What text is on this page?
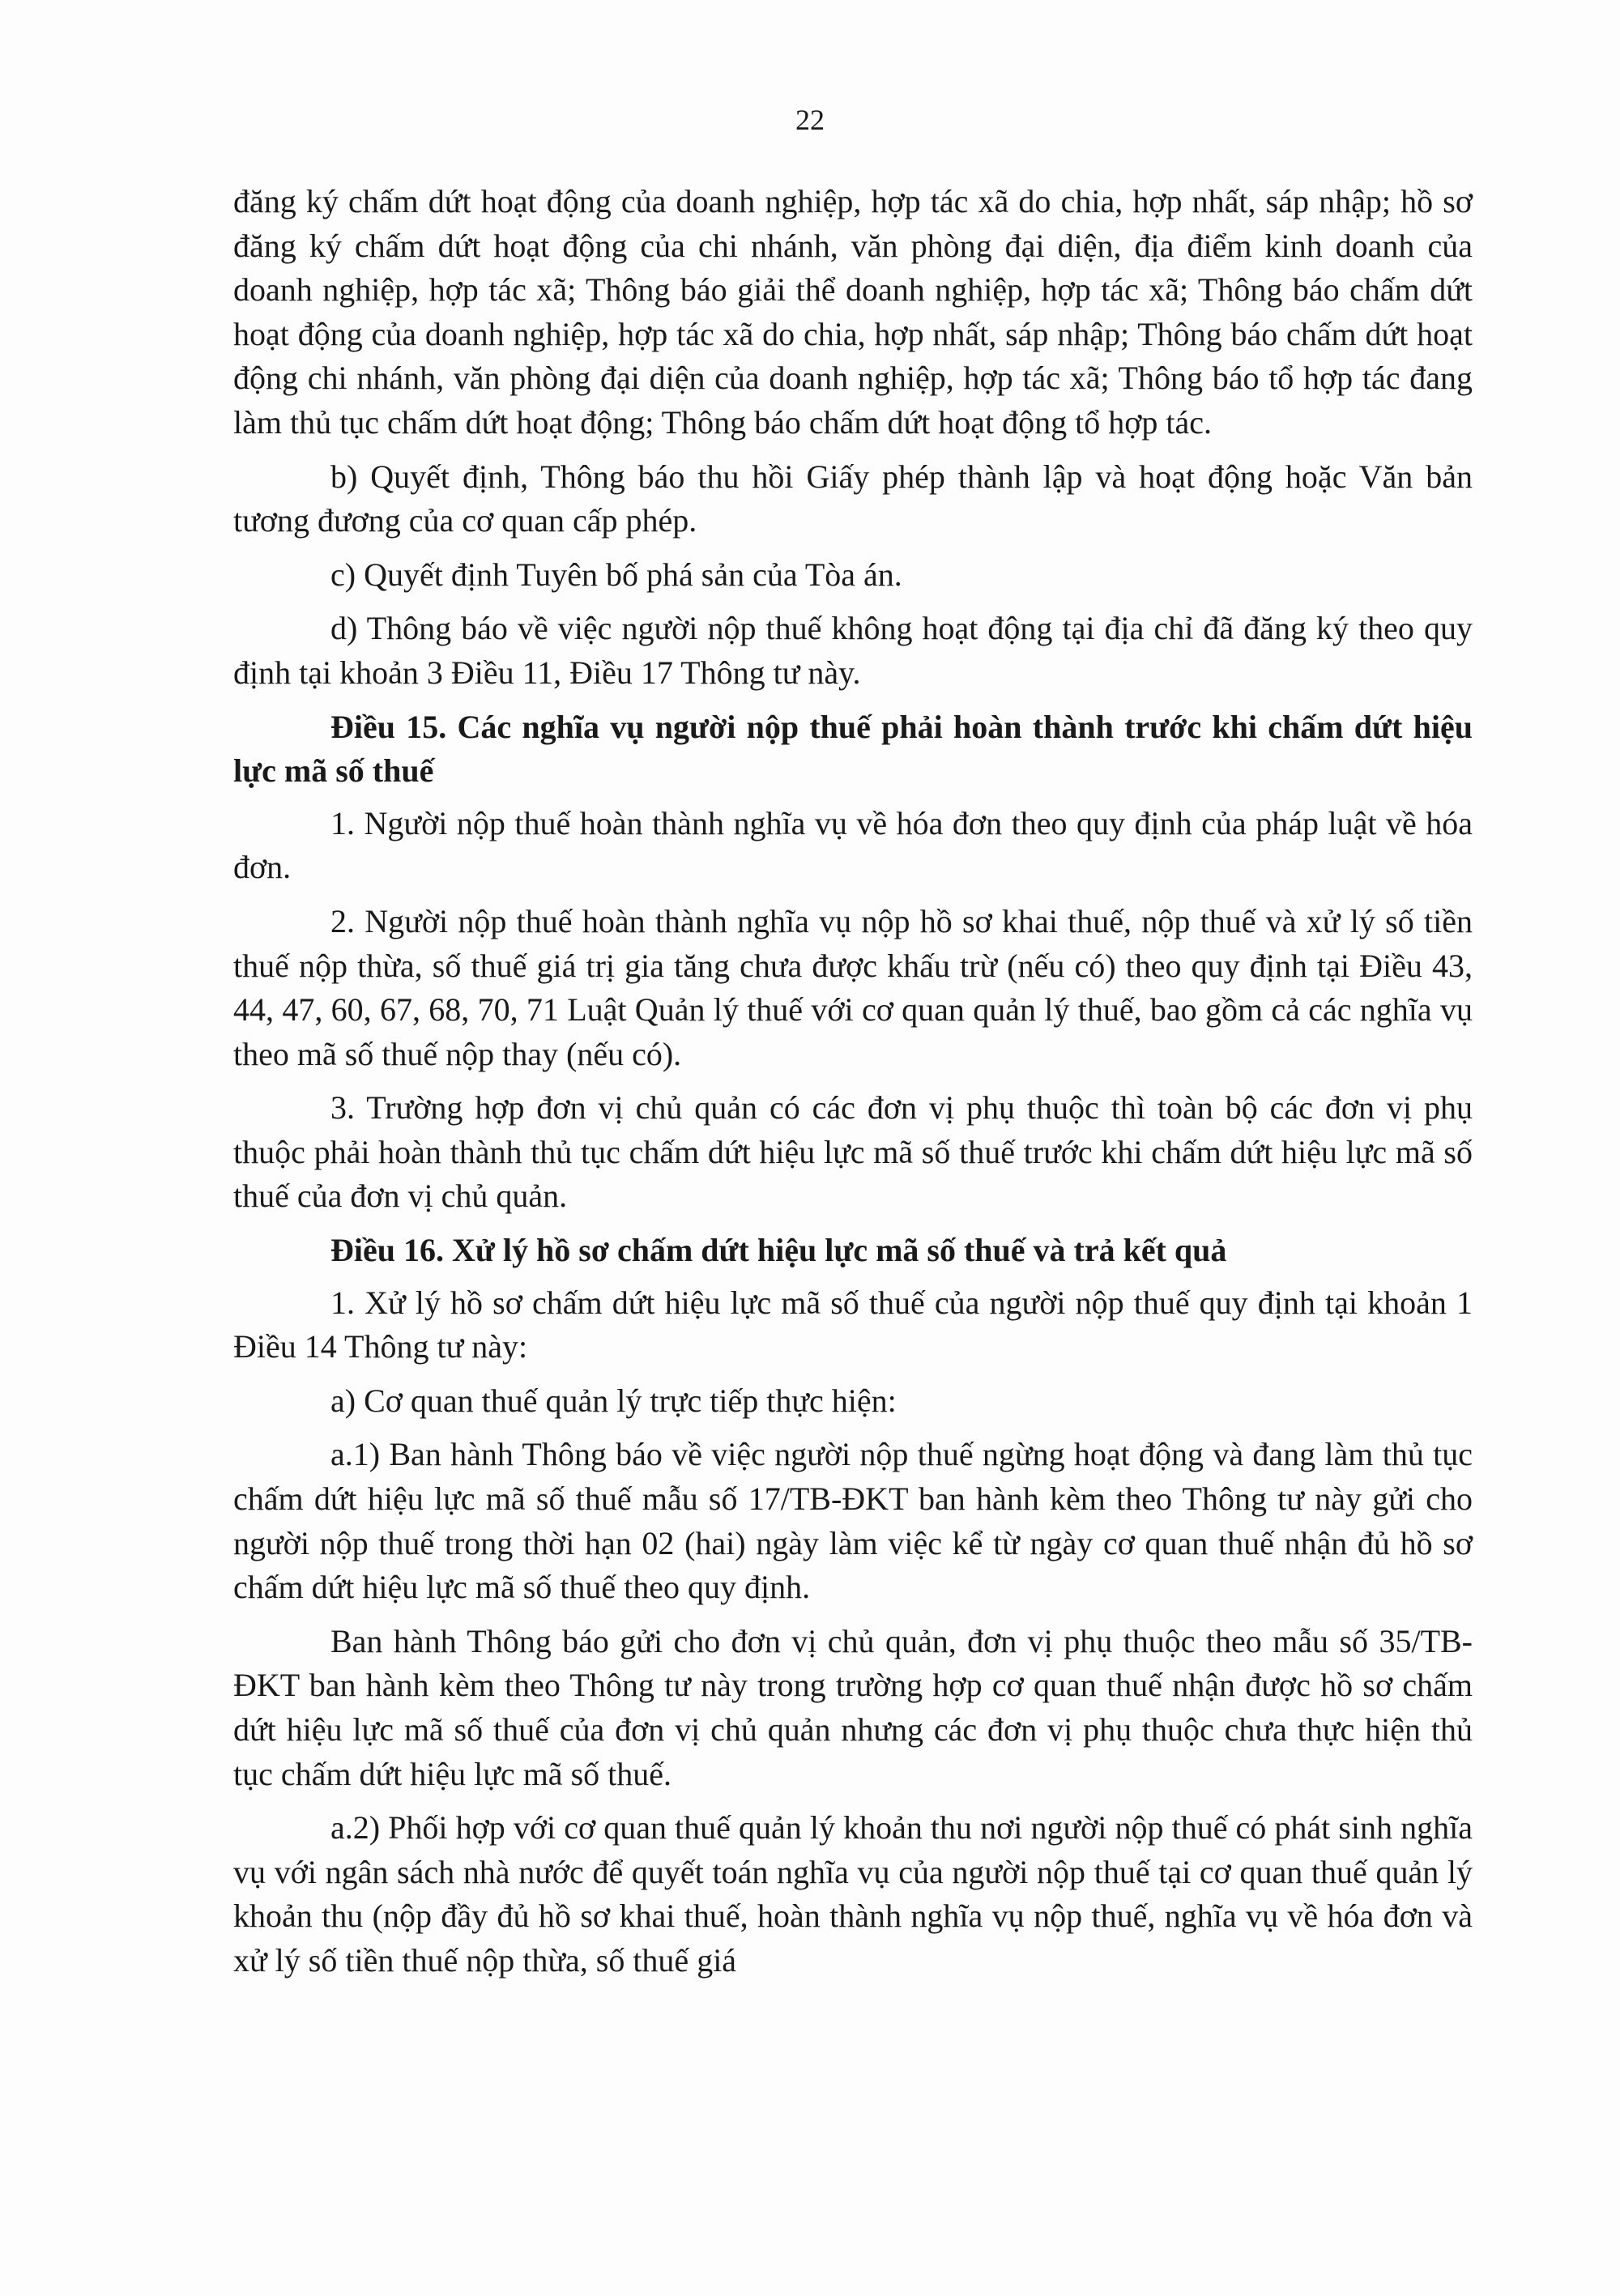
22

đăng ký chấm dứt hoạt động của doanh nghiệp, hợp tác xã do chia, hợp nhất, sáp nhập; hồ sơ đăng ký chấm dứt hoạt động của chi nhánh, văn phòng đại diện, địa điểm kinh doanh của doanh nghiệp, hợp tác xã; Thông báo giải thể doanh nghiệp, hợp tác xã; Thông báo chấm dứt hoạt động của doanh nghiệp, hợp tác xã do chia, hợp nhất, sáp nhập; Thông báo chấm dứt hoạt động chi nhánh, văn phòng đại diện của doanh nghiệp, hợp tác xã; Thông báo tổ hợp tác đang làm thủ tục chấm dứt hoạt động; Thông báo chấm dứt hoạt động tổ hợp tác.

b) Quyết định, Thông báo thu hồi Giấy phép thành lập và hoạt động hoặc Văn bản tương đương của cơ quan cấp phép.

c) Quyết định Tuyên bố phá sản của Tòa án.

d) Thông báo về việc người nộp thuế không hoạt động tại địa chỉ đã đăng ký theo quy định tại khoản 3 Điều 11, Điều 17 Thông tư này.

Điều 15. Các nghĩa vụ người nộp thuế phải hoàn thành trước khi chấm dứt hiệu lực mã số thuế

1. Người nộp thuế hoàn thành nghĩa vụ về hóa đơn theo quy định của pháp luật về hóa đơn.

2. Người nộp thuế hoàn thành nghĩa vụ nộp hồ sơ khai thuế, nộp thuế và xử lý số tiền thuế nộp thừa, số thuế giá trị gia tăng chưa được khấu trừ (nếu có) theo quy định tại Điều 43, 44, 47, 60, 67, 68, 70, 71 Luật Quản lý thuế với cơ quan quản lý thuế, bao gồm cả các nghĩa vụ theo mã số thuế nộp thay (nếu có).

3. Trường hợp đơn vị chủ quản có các đơn vị phụ thuộc thì toàn bộ các đơn vị phụ thuộc phải hoàn thành thủ tục chấm dứt hiệu lực mã số thuế trước khi chấm dứt hiệu lực mã số thuế của đơn vị chủ quản.

Điều 16. Xử lý hồ sơ chấm dứt hiệu lực mã số thuế và trả kết quả

1. Xử lý hồ sơ chấm dứt hiệu lực mã số thuế của người nộp thuế quy định tại khoản 1 Điều 14 Thông tư này:

a) Cơ quan thuế quản lý trực tiếp thực hiện:

a.1) Ban hành Thông báo về việc người nộp thuế ngừng hoạt động và đang làm thủ tục chấm dứt hiệu lực mã số thuế mẫu số 17/TB-ĐKT ban hành kèm theo Thông tư này gửi cho người nộp thuế trong thời hạn 02 (hai) ngày làm việc kể từ ngày cơ quan thuế nhận đủ hồ sơ chấm dứt hiệu lực mã số thuế theo quy định.

Ban hành Thông báo gửi cho đơn vị chủ quản, đơn vị phụ thuộc theo mẫu số 35/TB-ĐKT ban hành kèm theo Thông tư này trong trường hợp cơ quan thuế nhận được hồ sơ chấm dứt hiệu lực mã số thuế của đơn vị chủ quản nhưng các đơn vị phụ thuộc chưa thực hiện thủ tục chấm dứt hiệu lực mã số thuế.

a.2) Phối hợp với cơ quan thuế quản lý khoản thu nơi người nộp thuế có phát sinh nghĩa vụ với ngân sách nhà nước để quyết toán nghĩa vụ của người nộp thuế tại cơ quan thuế quản lý khoản thu (nộp đầy đủ hồ sơ khai thuế, hoàn thành nghĩa vụ nộp thuế, nghĩa vụ về hóa đơn và xử lý số tiền thuế nộp thừa, số thuế giá
